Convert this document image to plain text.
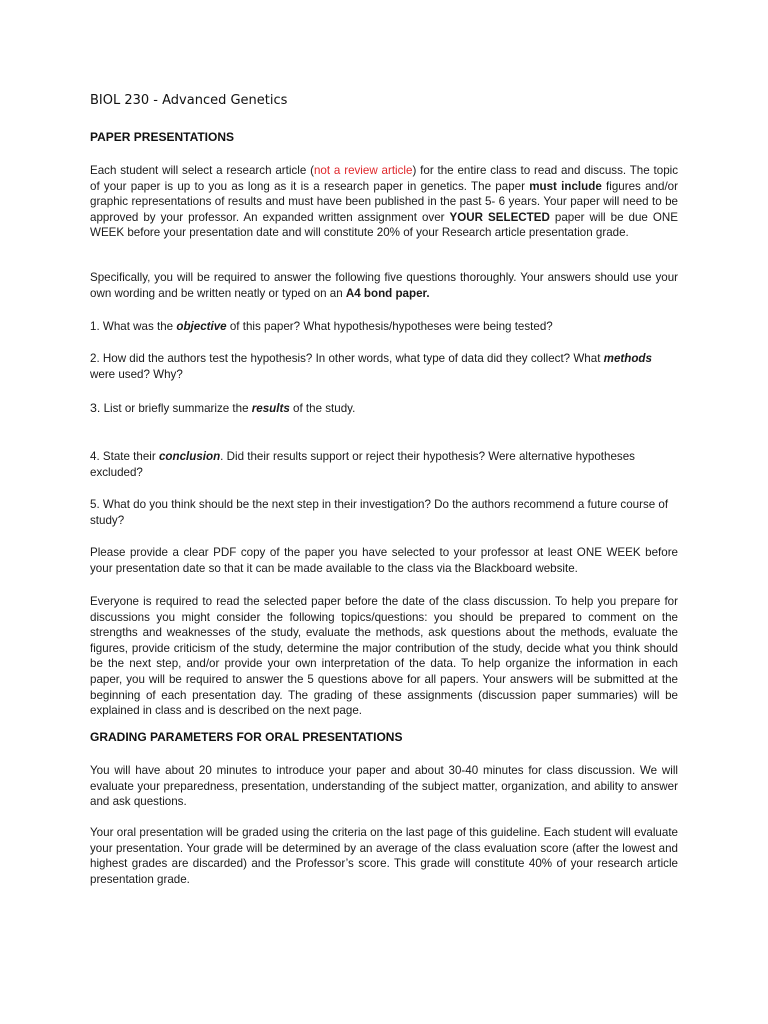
BIOL 230 - Advanced Genetics
PAPER PRESENTATIONS

Each student will select a research article (not a review article) for the entire class to read and discuss. The topic of your paper is up to you as long as it is a research paper in genetics. The paper must include figures and/or graphic representations of results and must have been published in the past 5- 6 years. Your paper will need to be approved by your professor. An expanded written assignment over YOUR SELECTED paper will be due ONE WEEK before your presentation date and will constitute 20% of your Research article presentation grade.

Specifically, you will be required to answer the following five questions thoroughly. Your answers should use your own wording and be written neatly or typed on an A4 bond paper.

1. What was the objective of this paper? What hypothesis/hypotheses were being tested?

2. How did the authors test the hypothesis? In other words, what type of data did they collect? What methods were used? Why?

3. List or briefly summarize the results of the study.

4. State their conclusion. Did their results support or reject their hypothesis? Were alternative hypotheses excluded?

5. What do you think should be the next step in their investigation? Do the authors recommend a future course of study?

Please provide a clear PDF copy of the paper you have selected to your professor at least ONE WEEK before your presentation date so that it can be made available to the class via the Blackboard website.

Everyone is required to read the selected paper before the date of the class discussion. To help you prepare for discussions you might consider the following topics/questions: you should be prepared to comment on the strengths and weaknesses of the study, evaluate the methods, ask questions about the methods, evaluate the figures, provide criticism of the study, determine the major contribution of the study, decide what you think should be the next step, and/or provide your own interpretation of the data. To help organize the information in each paper, you will be required to answer the 5 questions above for all papers. Your answers will be submitted at the beginning of each presentation day. The grading of these assignments (discussion paper summaries) will be explained in class and is described on the next page.

GRADING PARAMETERS FOR ORAL PRESENTATIONS

You will have about 20 minutes to introduce your paper and about 30-40 minutes for class discussion. We will evaluate your preparedness, presentation, understanding of the subject matter, organization, and ability to answer and ask questions.

Your oral presentation will be graded using the criteria on the last page of this guideline. Each student will evaluate your presentation. Your grade will be determined by an average of the class evaluation score (after the lowest and highest grades are discarded) and the Professor’s score. This grade will constitute 40% of your research article presentation grade.
